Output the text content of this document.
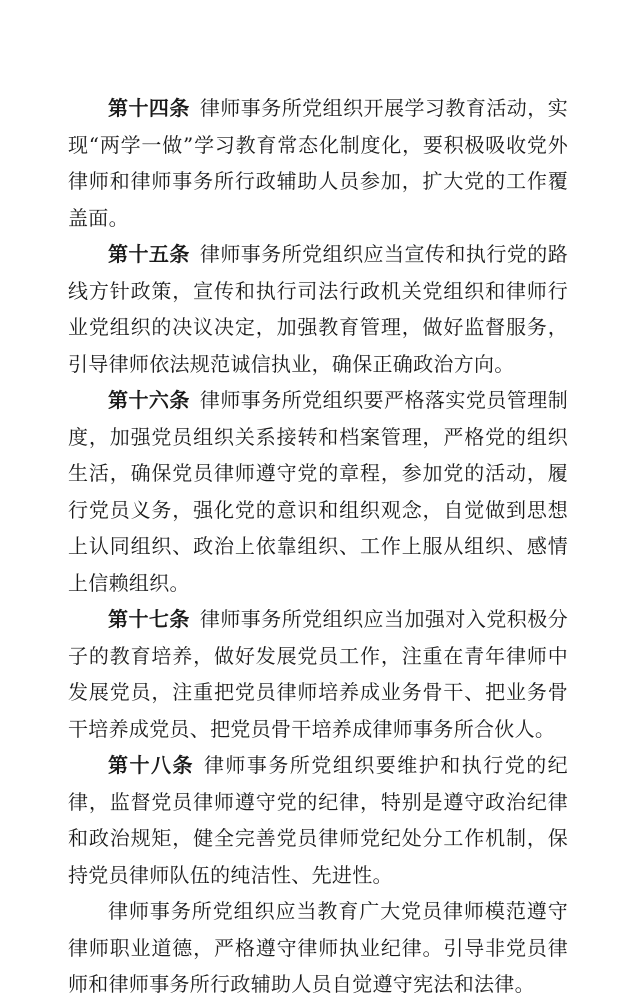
第十四条 律师事务所党组织开展学习教育活动，实现“两学一做”学习教育常态化制度化，要积极吸收党外律师和律师事务所行政辅助人员参加，扩大党的工作覆盖面。

第十五条 律师事务所党组织应当宣传和执行党的路线方针政策，宣传和执行司法行政机关党组织和律师行业党组织的决议决定，加强教育管理，做好监督服务，引导律师依法规范诚信执业，确保正确政治方向。

第十六条 律师事务所党组织要严格落实党员管理制度，加强党员组织关系接转和档案管理，严格党的组织生活，确保党员律师遵守党的章程，参加党的活动，履行党员义务，强化党的意识和组织观念，自觉做到思想上认同组织、政治上依靠组织、工作上服从组织、感情上信赖组织。

第十七条 律师事务所党组织应当加强对入党积极分子的教育培养，做好发展党员工作，注重在青年律师中发展党员，注重把党员律师培养成业务骨干、把业务骨干培养成党员、把党员骨干培养成律师事务所合伙人。

第十八条 律师事务所党组织要维护和执行党的纪律，监督党员律师遵守党的纪律，特别是遵守政治纪律和政治规矩，健全完善党员律师党纪处分工作机制，保持党员律师队伍的纯洁性、先进性。

律师事务所党组织应当教育广大党员律师模范遵守律师职业道德，严格遵守律师执业纪律。引导非党员律师和律师事务所行政辅助人员自觉遵守宪法和法律。
